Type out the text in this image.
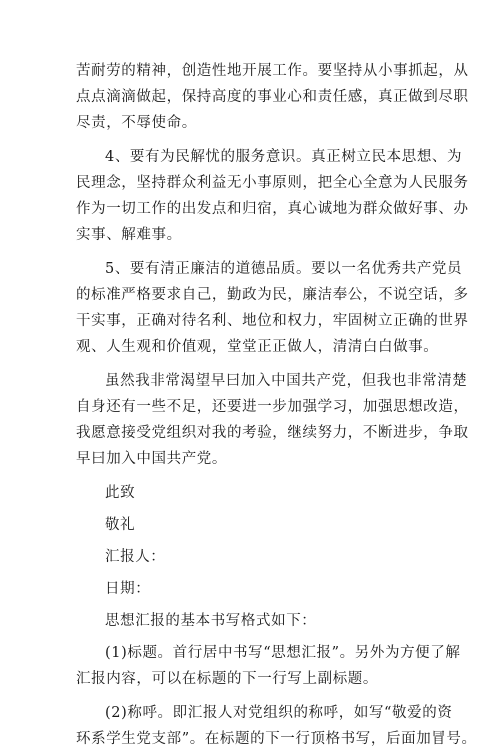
苦耐劳的精神，创造性地开展工作。要坚持从小事抓起，从
点点滴滴做起，保持高度的事业心和责任感，真正做到尽职
尽责，不辱使命。

4、要有为民解忧的服务意识。真正树立民本思想、为
民理念，坚持群众利益无小事原则，把全心全意为人民服务
作为一切工作的出发点和归宿，真心诚地为群众做好事、办
实事、解难事。

5、要有清正廉洁的道德品质。要以一名优秀共产党员
的标准严格要求自己，勤政为民，廉洁奉公，不说空话，多
干实事，正确对待名利、地位和权力，牢固树立正确的世界
观、人生观和价值观，堂堂正正做人，清清白白做事。

虽然我非常渴望早曰加入中国共产党，但我也非常清楚
自身还有一些不足，还要进一步加强学习，加强思想改造，
我愿意接受党组织对我的考验，继续努力，不断进步，争取
早曰加入中国共产党。

此致

敬礼

汇报人：

日期：

思想汇报的基本书写格式如下：

(1)标题。首行居中书写“思想汇报”。另外为方便了解
汇报内容，可以在标题的下一行写上副标题。

(2)称呼。即汇报人对党组织的称呼，如写“敬爱的资
环系学生党支部”。在标题的下一行顶格书写，后面加冒号。
